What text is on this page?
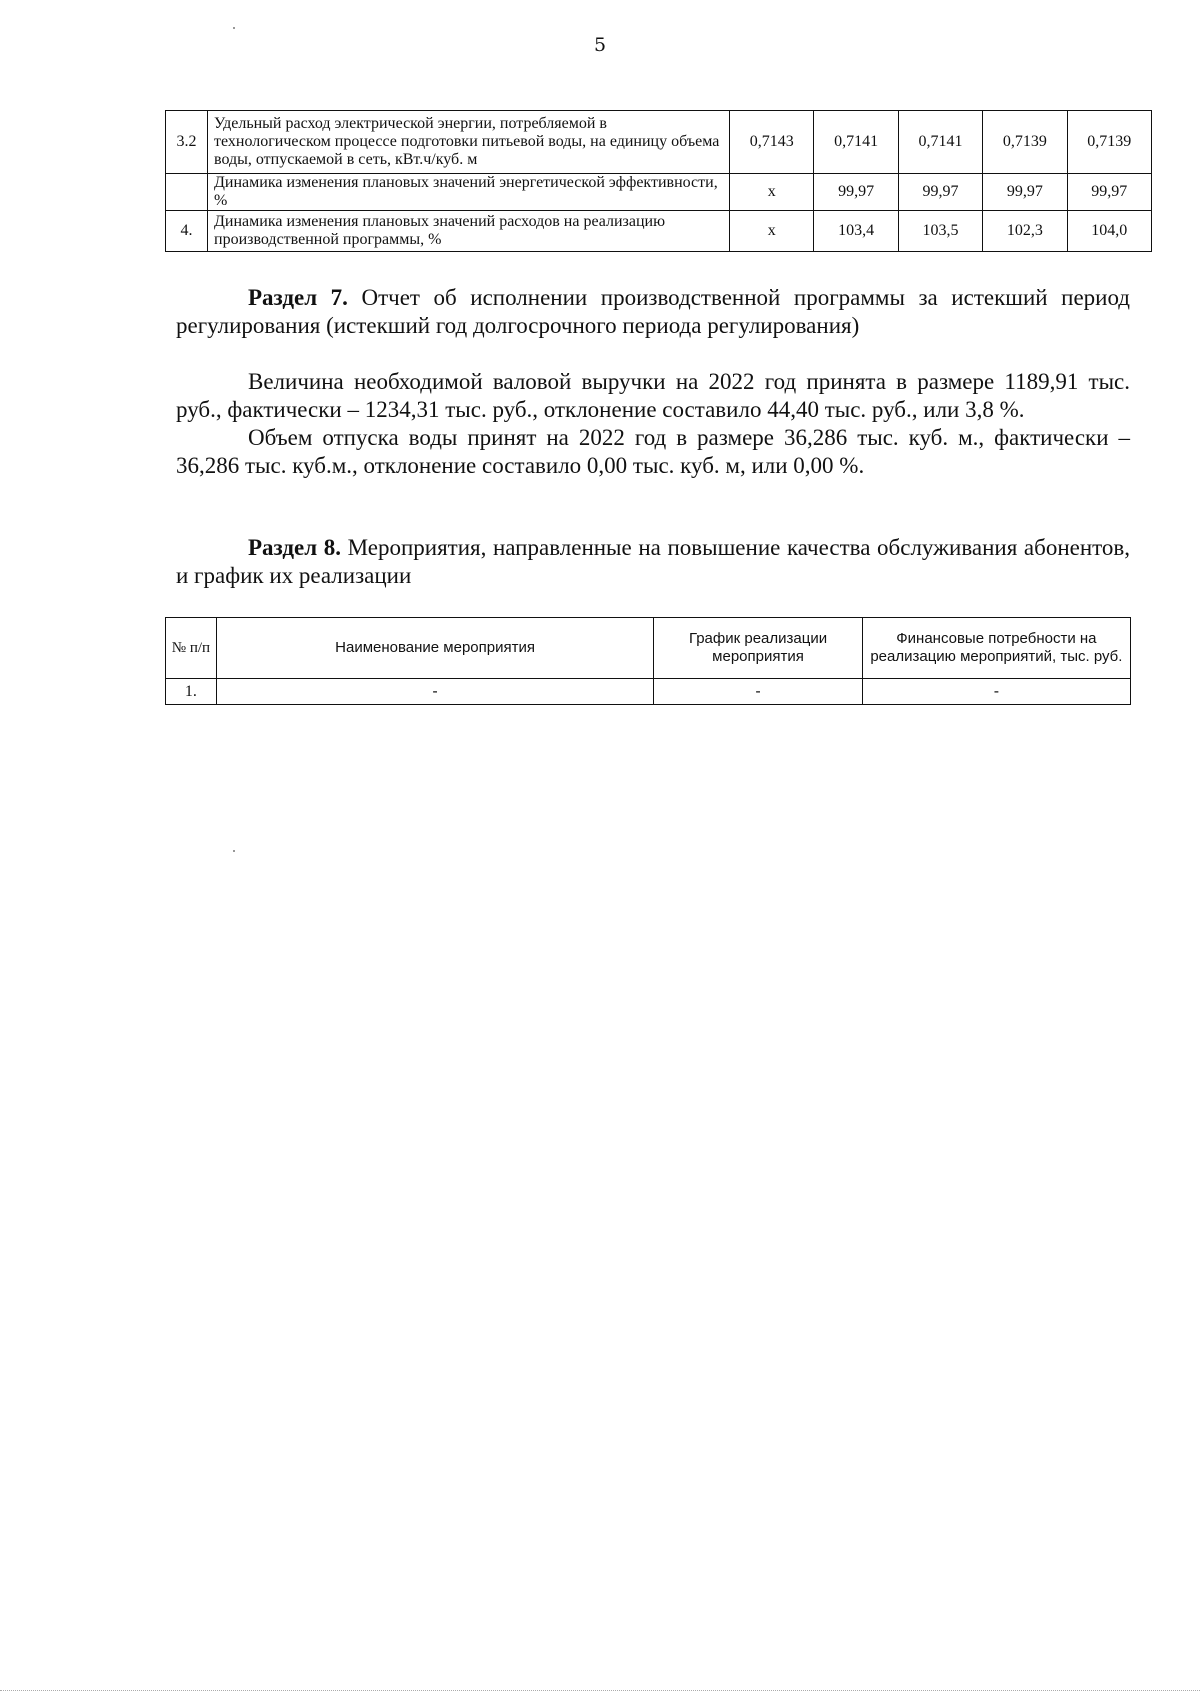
5
3.2	Удельный расход электрической энергии, потребляемой в технологическом процессе подготовки питьевой воды, на единицу объема воды, отпускаемой в сеть, кВт.ч/куб. м	0,7143	0,7141	0,7141	0,7139	0,7139
	Динамика изменения плановых значений энергетической эффективности, %	х	99,97	99,97	99,97	99,97
4.	Динамика изменения плановых значений расходов на реализацию производственной программы, %	х	103,4	103,5	102,3	104,0

Раздел 7. Отчет об исполнении производственной программы за истекший период регулирования (истекший год долгосрочного периода регулирования)

Величина необходимой валовой выручки на 2022 год принята в размере 1189,91 тыс. руб., фактически – 1234,31 тыс. руб., отклонение составило 44,40 тыс. руб., или 3,8 %.

Объем отпуска воды принят на 2022 год в размере 36,286 тыс. куб. м., фактически – 36,286 тыс. куб.м., отклонение составило 0,00 тыс. куб. м, или 0,00 %.

Раздел 8. Мероприятия, направленные на повышение качества обслуживания абонентов, и график их реализации

№ п/п	Наименование мероприятия	График реализации мероприятия	Финансовые потребности на реализацию мероприятий, тыс. руб.
1.	-	-	-
